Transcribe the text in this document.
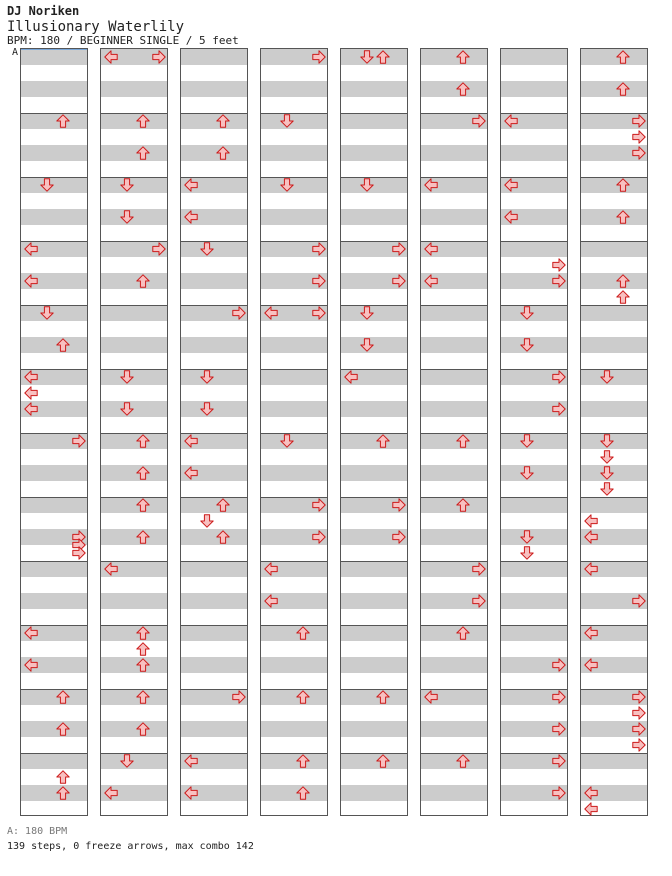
DJ Noriken
Illusionary Waterlily
BPM: 180 / BEGINNER SINGLE / 5 feet
A
A: 180 BPM
139 steps, 0 freeze arrows, max combo 142
